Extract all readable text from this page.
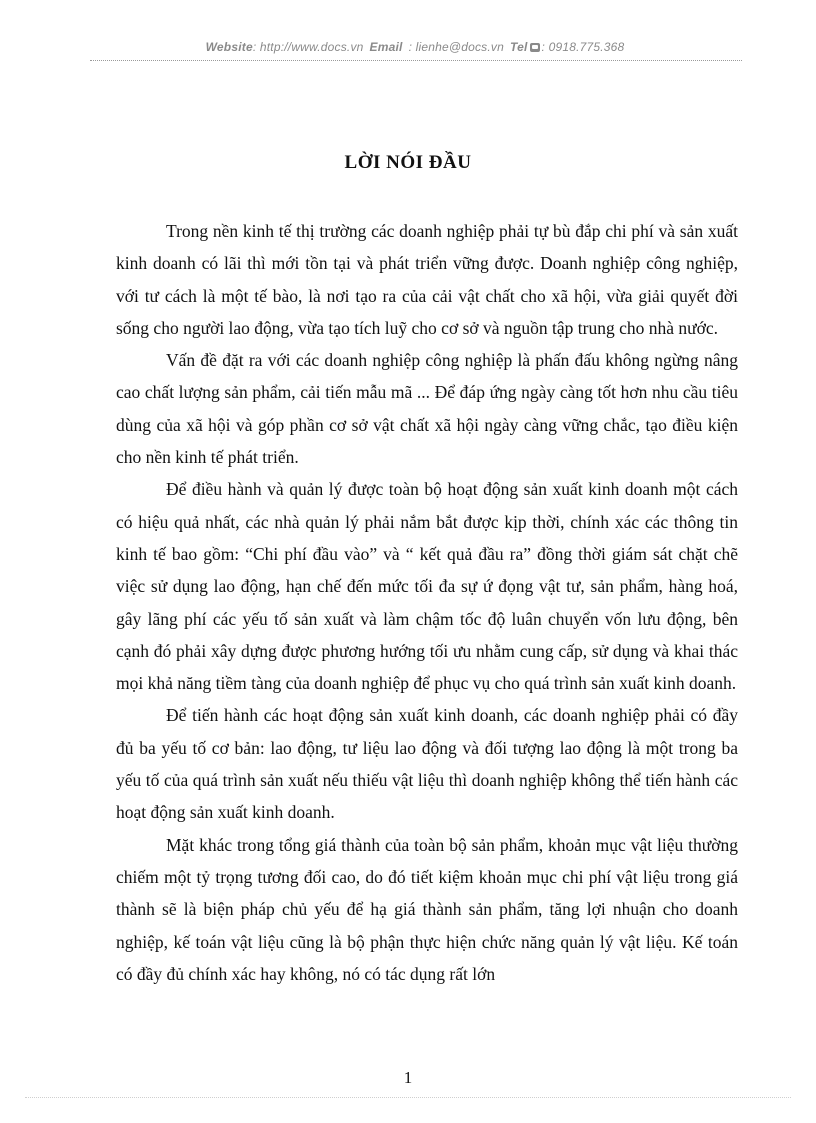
Website: http://www.docs.vn Email : lienhe@docs.vn Tel : 0918.775.368
LỜI NÓI ĐẦU

Trong nền kinh tế thị trường các doanh nghiệp phải tự bù đắp chi phí và sản xuất kinh doanh có lãi thì mới tồn tại và phát triển vững được. Doanh nghiệp công nghiệp, với tư cách là một tế bào, là nơi tạo ra của cải vật chất cho xã hội, vừa giải quyết đời sống cho người lao động, vừa tạo tích luỹ cho cơ sở và nguồn tập trung cho nhà nước.

Vấn đề đặt ra với các doanh nghiệp công nghiệp là phấn đấu không ngừng nâng cao chất lượng sản phẩm, cải tiến mẫu mã ... Để đáp ứng ngày càng tốt hơn nhu cầu tiêu dùng của xã hội và góp phần cơ sở vật chất xã hội ngày càng vững chắc, tạo điều kiện cho nền kinh tế phát triển.

Để điều hành và quản lý được toàn bộ hoạt động sản xuất kinh doanh một cách có hiệu quả nhất, các nhà quản lý phải nắm bắt được kịp thời, chính xác các thông tin kinh tế bao gồm: “Chi phí đầu vào” và “ kết quả đầu ra” đồng thời giám sát chặt chẽ việc sử dụng lao động, hạn chế đến mức tối đa sự ứ đọng vật tư, sản phẩm, hàng hoá, gây lãng phí các yếu tố sản xuất và làm chậm tốc độ luân chuyển vốn lưu động, bên cạnh đó phải xây dựng được phương hướng tối ưu nhằm cung cấp, sử dụng và khai thác mọi khả năng tiềm tàng của doanh nghiệp để phục vụ cho quá trình sản xuất kinh doanh.

Để tiến hành các hoạt động sản xuất kinh doanh, các doanh nghiệp phải có đầy đủ ba yếu tố cơ bản: lao động, tư liệu lao động và đối tượng lao động là một trong ba yếu tố của quá trình sản xuất nếu thiếu vật liệu thì doanh nghiệp không thể tiến hành các hoạt động sản xuất kinh doanh.

Mặt khác trong tổng giá thành của toàn bộ sản phẩm, khoản mục vật liệu thường chiếm một tỷ trọng tương đối cao, do đó tiết kiệm khoản mục chi phí vật liệu trong giá thành sẽ là biện pháp chủ yếu để hạ giá thành sản phẩm, tăng lợi nhuận cho doanh nghiệp, kế toán vật liệu cũng là bộ phận thực hiện chức năng quản lý vật liệu. Kế toán có đầy đủ chính xác hay không, nó có tác dụng rất lớn

1
